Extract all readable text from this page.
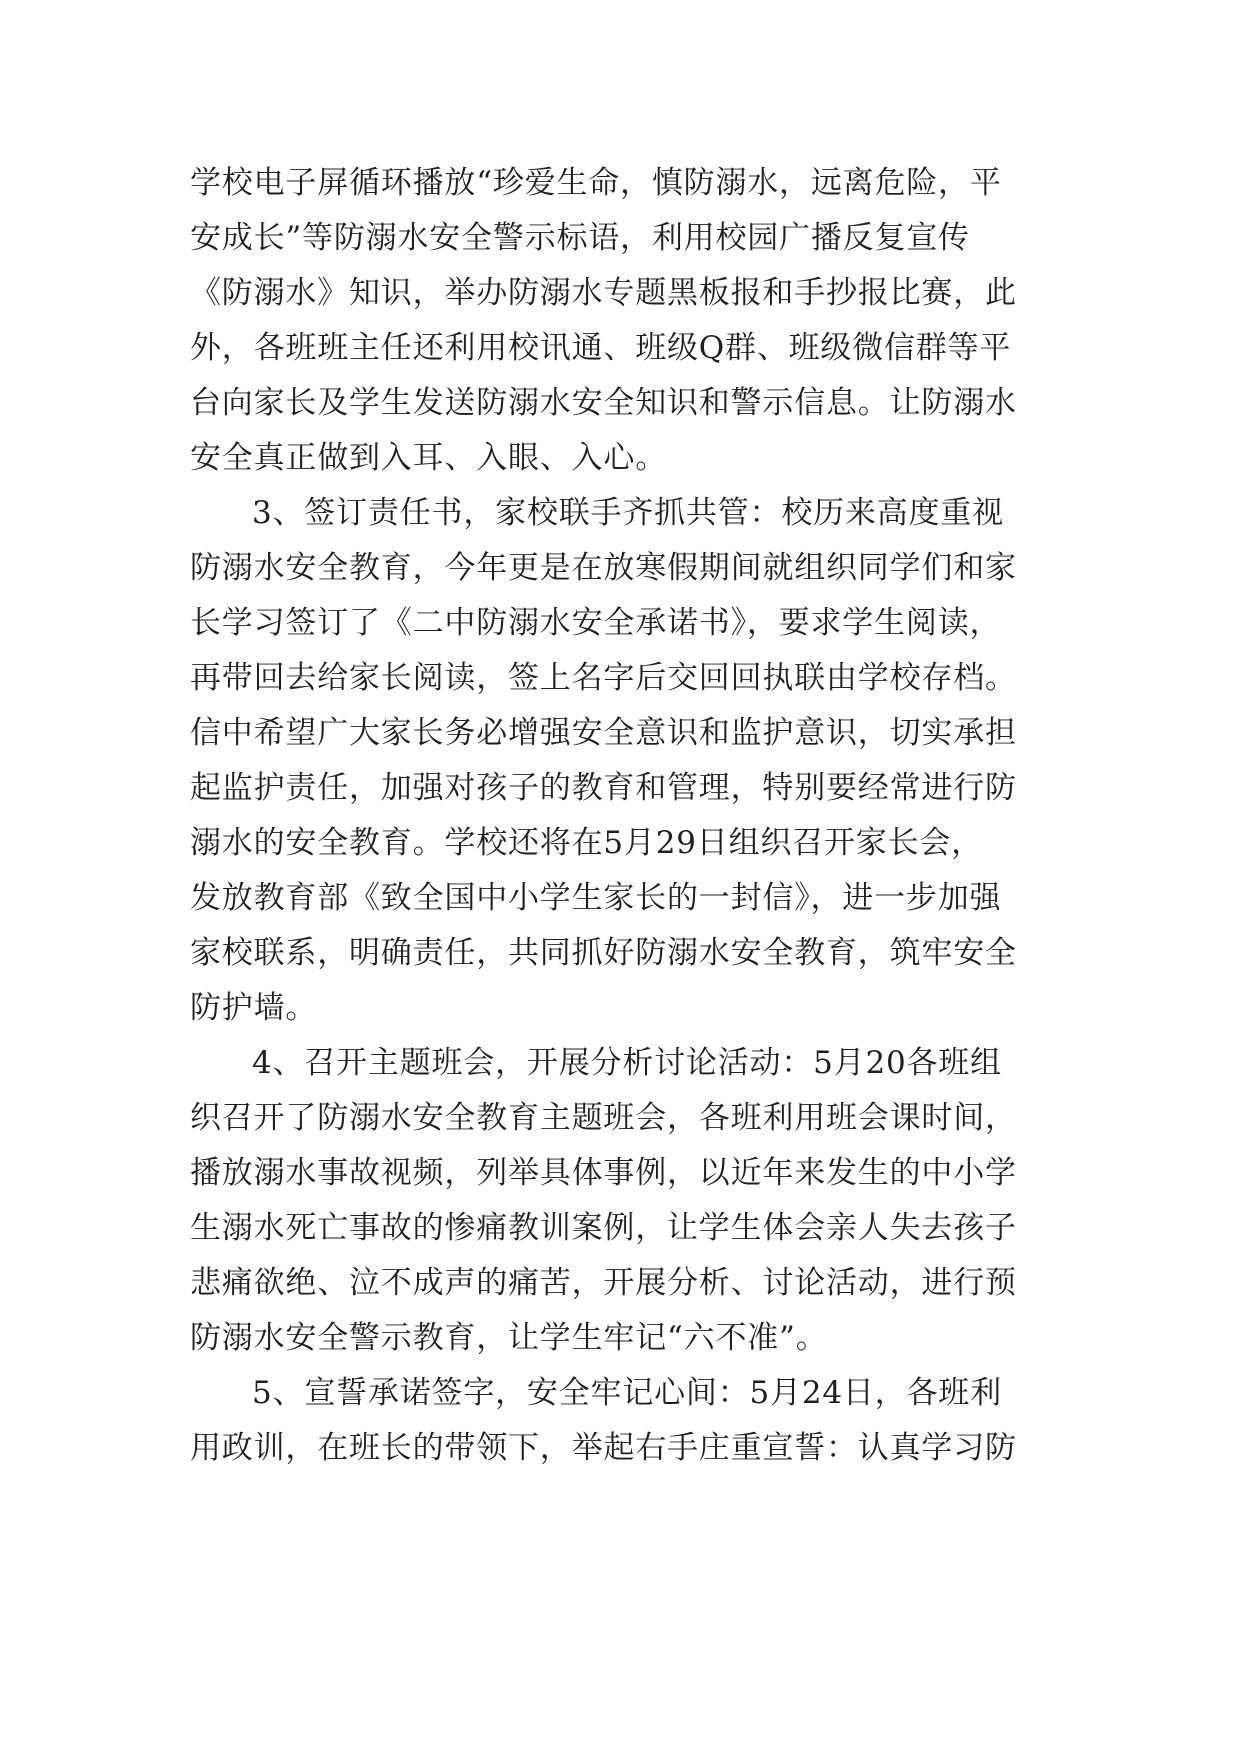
学校电子屏循环播放“珍爱生命，慎防溺水，远离危险，平
安成长”等防溺水安全警示标语，利用校园广播反复宣传
《防溺水》知识，举办防溺水专题黑板报和手抄报比赛，此
外，各班班主任还利用校讯通、班级Q群、班级微信群等平
台向家长及学生发送防溺水安全知识和警示信息。让防溺水
安全真正做到入耳、入眼、入心。
3、签订责任书，家校联手齐抓共管：校历来高度重视
防溺水安全教育，今年更是在放寒假期间就组织同学们和家
长学习签订了《二中防溺水安全承诺书》，要求学生阅读，
再带回去给家长阅读，签上名字后交回回执联由学校存档。
信中希望广大家长务必增强安全意识和监护意识，切实承担
起监护责任，加强对孩子的教育和管理，特别要经常进行防
溺水的安全教育。学校还将在5月29日组织召开家长会，
发放教育部《致全国中小学生家长的一封信》，进一步加强
家校联系，明确责任，共同抓好防溺水安全教育，筑牢安全
防护墙。
4、召开主题班会，开展分析讨论活动：5月20各班组
织召开了防溺水安全教育主题班会，各班利用班会课时间，
播放溺水事故视频，列举具体事例，以近年来发生的中小学
生溺水死亡事故的惨痛教训案例，让学生体会亲人失去孩子
悲痛欲绝、泣不成声的痛苦，开展分析、讨论活动，进行预
防溺水安全警示教育，让学生牢记“六不准”。
5、宣誓承诺签字，安全牢记心间：5月24日，各班利
用政训，在班长的带领下，举起右手庄重宣誓：认真学习防
